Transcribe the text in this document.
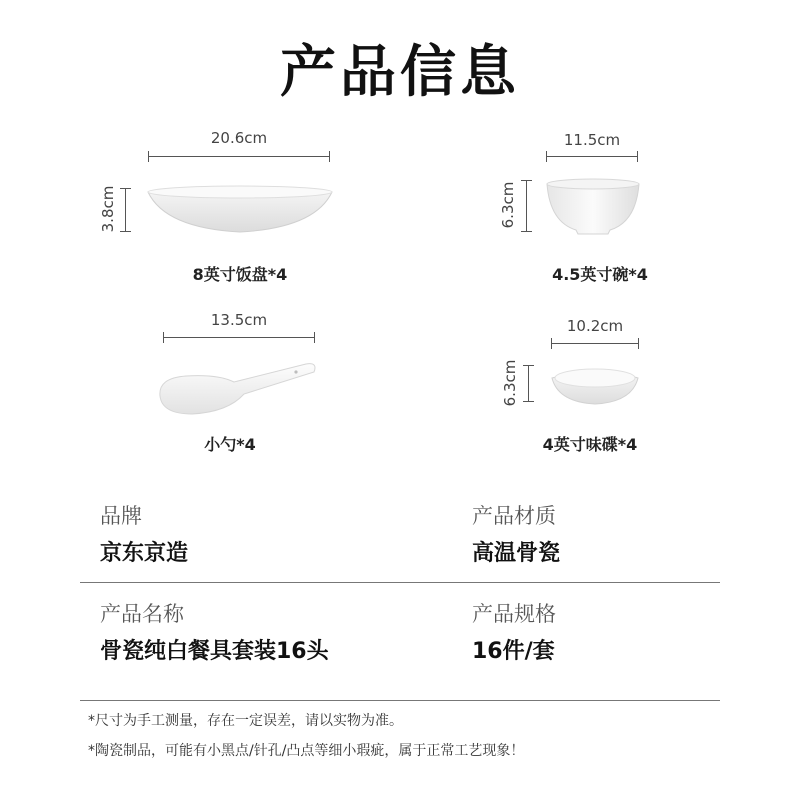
产品信息
20.6cm
3.8cm
8英寸饭盘*4
11.5cm
6.3cm
4.5英寸碗*4
13.5cm
小勺*4
10.2cm
6.3cm
4英寸味碟*4
品牌
京东京造
产品材质
高温骨瓷
产品名称
骨瓷纯白餐具套装16头
产品规格
16件/套
*尺寸为手工测量，存在一定误差，请以实物为准。
*陶瓷制品，可能有小黑点/针孔/凸点等细小瑕疵，属于正常工艺现象！
